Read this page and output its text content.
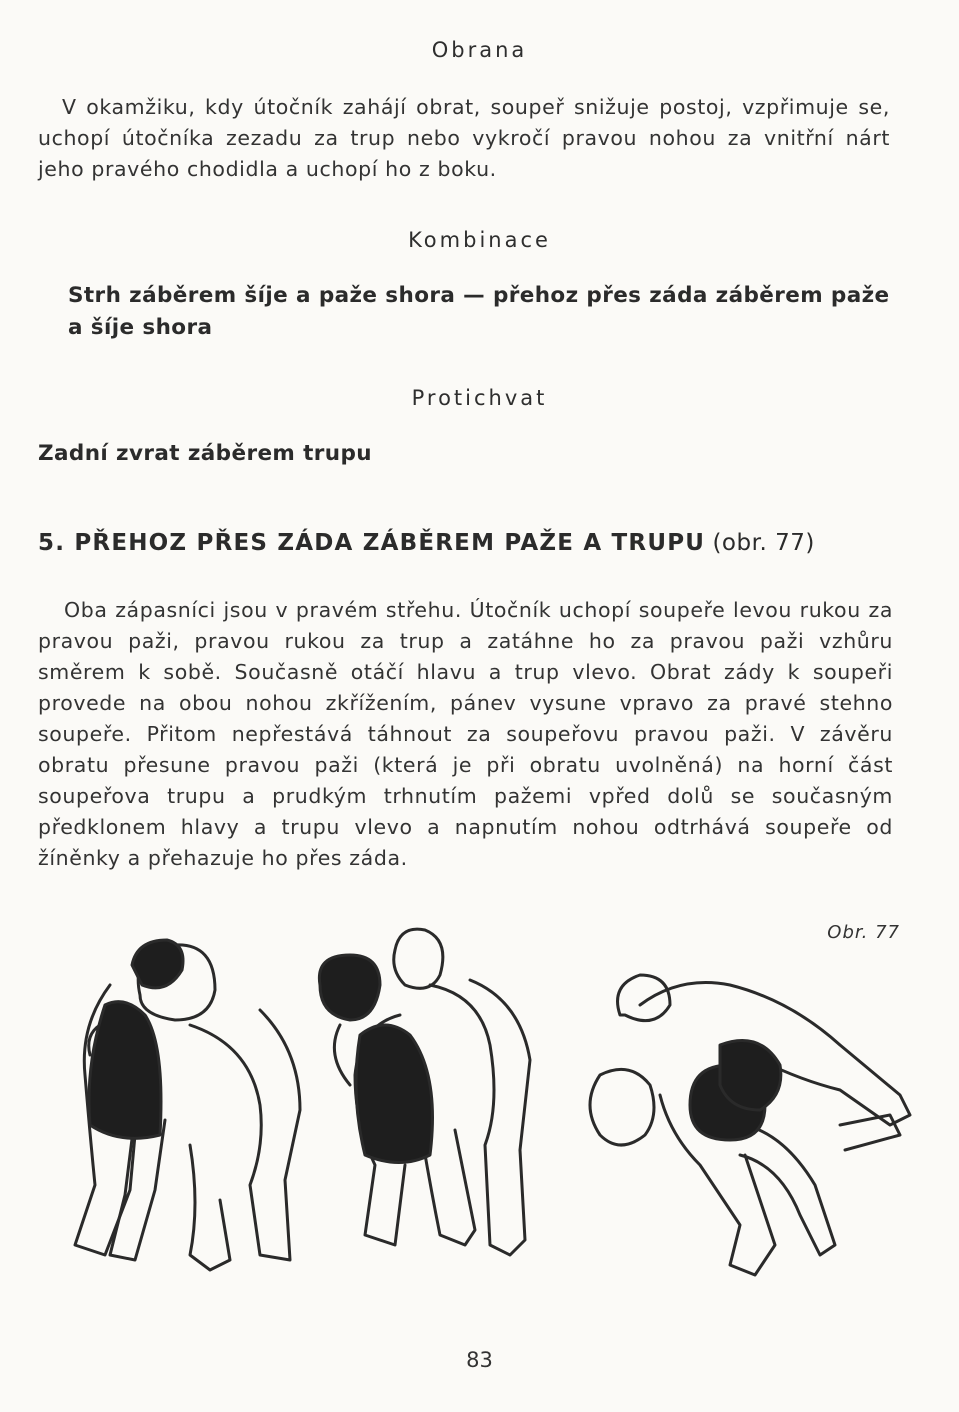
Obrana

V okamžiku, kdy útočník zahájí obrat, soupeř snižuje postoj, vzpřimuje se, uchopí útočníka zezadu za trup nebo vykročí pravou nohou za vnitřní nárt jeho pravého chodidla a uchopí ho z boku.

Kombinace

Strh záběrem šíje a paže shora — přehoz přes záda záběrem paže a šíje shora

Protichvat

Zadní zvrat záběrem trupu

5. PŘEHOZ PŘES ZÁDA ZÁBĚREM PAŽE A TRUPU (obr. 77)

Oba zápasníci jsou v pravém střehu. Útočník uchopí soupeře levou rukou za pravou paži, pravou rukou za trup a zatáhne ho za pravou paži vzhůru směrem k sobě. Současně otáčí hlavu a trup vlevo. Obrat zády k soupeři provede na obou nohou zkřížením, pánev vysune vpravo za pravé stehno soupeře. Přitom nepřestává táhnout za soupeřovu pravou paži. V závěru obratu přesune pravou paži (která je při obratu uvolněná) na horní část soupeřova trupu a prudkým trhnutím pažemi vpřed dolů se současným předklonem hlavy a trupu vlevo a napnutím nohou odtrhává soupeře od žíněnky a přehazuje ho přes záda.

Obr. 77
83
